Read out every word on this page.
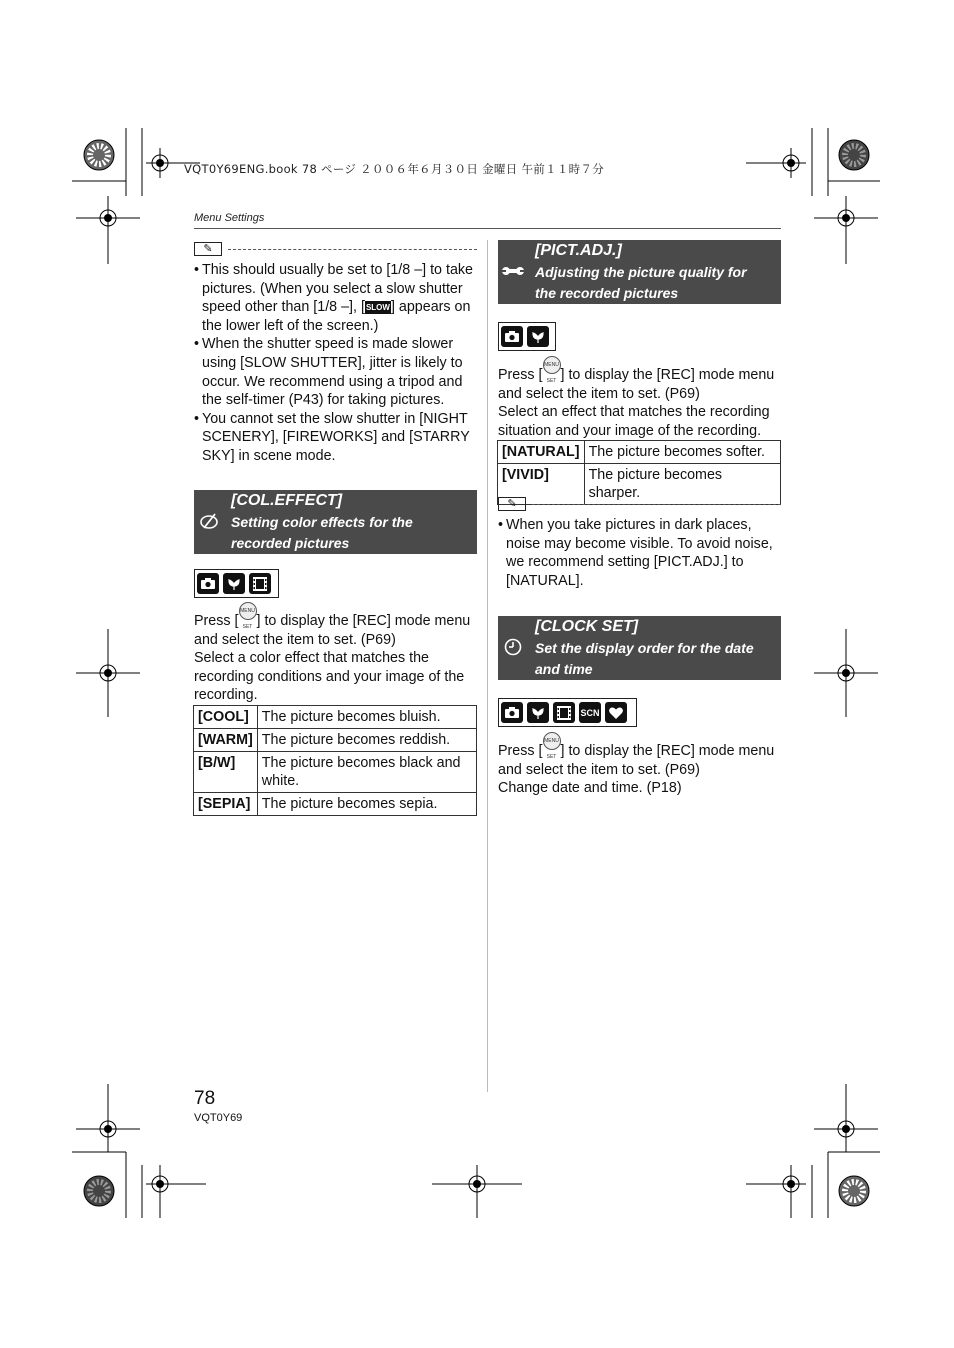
VQT0Y69ENG.book 78 ページ ２００６年６月３０日 金曜日 午前１１時７分
Menu Settings
✎
• This should usually be set to [1/8 –] to take pictures. (When you select a slow shutter speed other than [1/8 –], [SLOW] appears on the lower left of the screen.)
• When the shutter speed is made slower using [SLOW SHUTTER], jitter is likely to occur. We recommend using a tripod and the self-timer (P43) for taking pictures.
• You cannot set the slow shutter in [NIGHT SCENERY], [FIREWORKS] and [STARRY SKY] in scene mode.
[COL.EFFECT]
Setting color effects for the recorded pictures
Press [MENU SET ] to display the [REC] mode menu and select the item to set. (P69)
Select a color effect that matches the recording conditions and your image of the recording.
[COOL]	The picture becomes bluish.
[WARM]	The picture becomes reddish.
[B/W]	The picture becomes black and white.
[SEPIA]	The picture becomes sepia.
[PICT.ADJ.]
Adjusting the picture quality for the recorded pictures
Press [MENU SET ] to display the [REC] mode menu and select the item to set. (P69)
Select an effect that matches the recording situation and your image of the recording.
[NATURAL]	The picture becomes softer.
[VIVID]	The picture becomes sharper.
✎
• When you take pictures in dark places, noise may become visible. To avoid noise, we recommend setting [PICT.ADJ.] to [NATURAL].
[CLOCK SET]
Set the display order for the date and time
SCN
Press [MENU SET ] to display the [REC] mode menu and select the item to set. (P69)
Change date and time. (P18)
78
VQT0Y69
